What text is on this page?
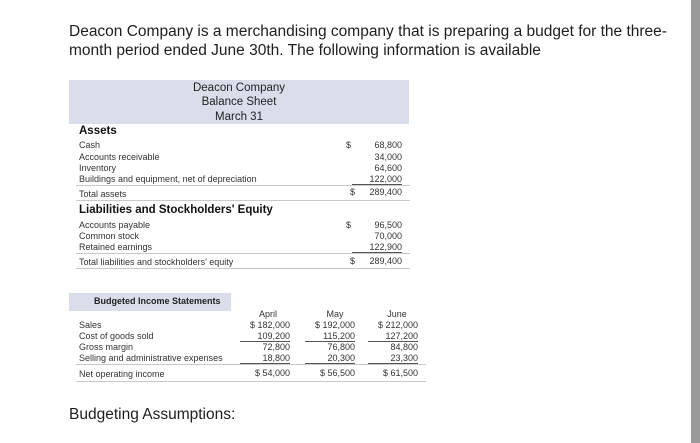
Deacon Company is a merchandising company that is preparing a budget for the three-month period ended June 30th. The following information is available
Deacon Company
Balance Sheet
March 31
Assets
Cash	$	68,800
Accounts receivable	34,000
Inventory	64,600
Buildings and equipment, net of depreciation	122,000
Total assets	$	289,400
Liabilities and Stockholders' Equity
Accounts payable	$	96,500
Common stock	70,000
Retained earnings	122,900
Total liabilities and stockholders' equity	$	289,400
Budgeted Income Statements
April	May	June
Sales	$ 182,000	$ 192,000	$ 212,000
Cost of goods sold	109,200	115,200	127,200
Gross margin	72,800	76,800	84,800
Selling and administrative expenses	18,800	20,300	23,300
Net operating income	$ 54,000	$ 56,500	$ 61,500
Budgeting Assumptions:
